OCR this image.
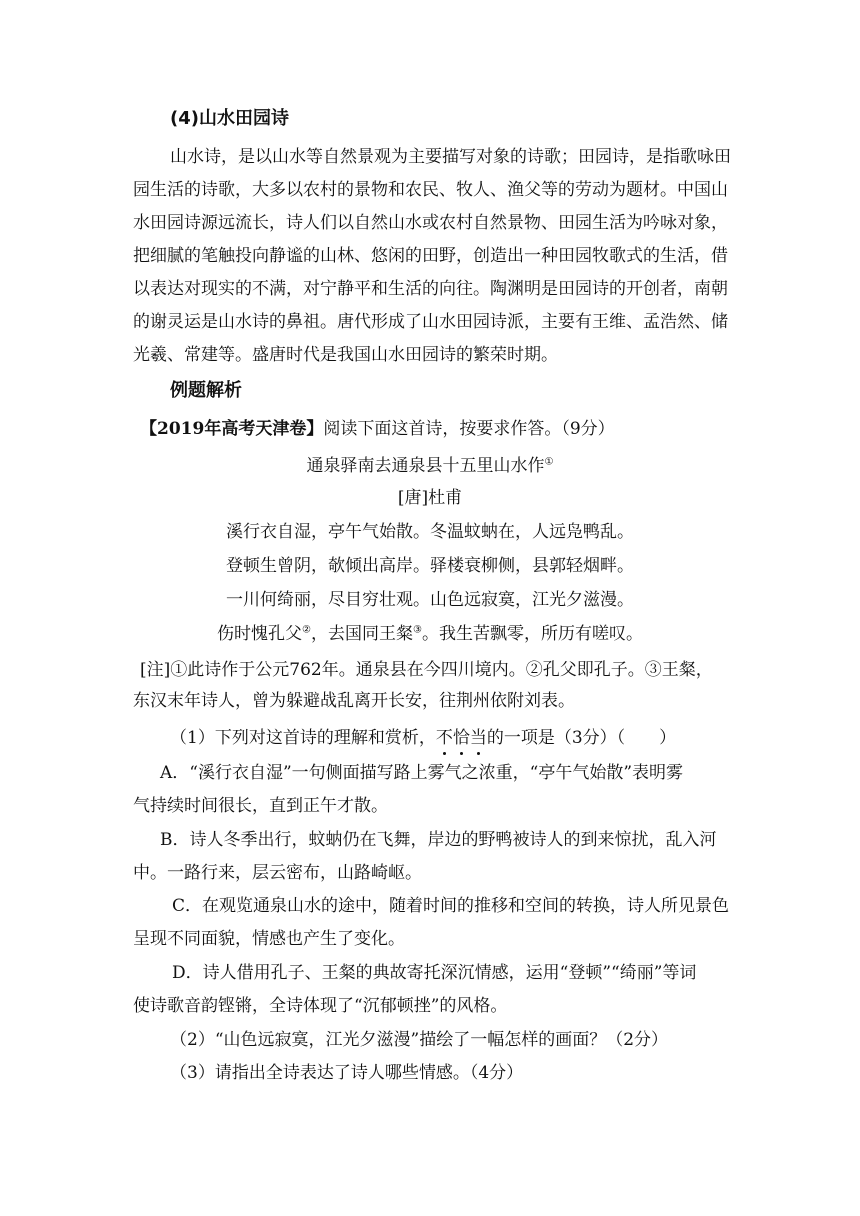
(4)山水田园诗
山水诗，是以山水等自然景观为主要描写对象的诗歌；田园诗，是指歌咏田
园生活的诗歌，大多以农村的景物和农民、牧人、渔父等的劳动为题材。中国山
水田园诗源远流长，诗人们以自然山水或农村自然景物、田园生活为吟咏对象，
把细腻的笔触投向静谧的山林、悠闲的田野，创造出一种田园牧歌式的生活，借
以表达对现实的不满，对宁静平和生活的向往。陶渊明是田园诗的开创者，南朝
的谢灵运是山水诗的鼻祖。唐代形成了山水田园诗派，主要有王维、孟浩然、储
光羲、常建等。盛唐时代是我国山水田园诗的繁荣时期。
例题解析
【2019年高考天津卷】阅读下面这首诗，按要求作答。（9分）
通泉驿南去通泉县十五里山水作①
[唐]杜甫
溪行衣自湿，亭午气始散。冬温蚊蚋在，人远凫鸭乱。
登顿生曾阴，欹倾出高岸。驿楼衰柳侧，县郭轻烟畔。
一川何绮丽，尽目穷壮观。山色远寂寞，江光夕滋漫。
伤时愧孔父②，去国同王粲③。我生苦飘零，所历有嗟叹。
[注]①此诗作于公元762年。通泉县在今四川境内。②孔父即孔子。③王粲，
东汉末年诗人，曾为躲避战乱离开长安，往荆州依附刘表。
（1）下列对这首诗的理解和赏析，不恰当的一项是（3分）（　　）
A．“溪行衣自湿”一句侧面描写路上雾气之浓重，“亭午气始散”表明雾
气持续时间很长，直到正午才散。
B．诗人冬季出行，蚊蚋仍在飞舞，岸边的野鸭被诗人的到来惊扰，乱入河
中。一路行来，层云密布，山路崎岖。
C．在观览通泉山水的途中，随着时间的推移和空间的转换，诗人所见景色
呈现不同面貌，情感也产生了变化。
D．诗人借用孔子、王粲的典故寄托深沉情感，运用“登顿”“绮丽”等词
使诗歌音韵铿锵，全诗体现了“沉郁顿挫”的风格。
（2）“山色远寂寞，江光夕滋漫”描绘了一幅怎样的画面？（2分）
（3）请指出全诗表达了诗人哪些情感。（4分）
